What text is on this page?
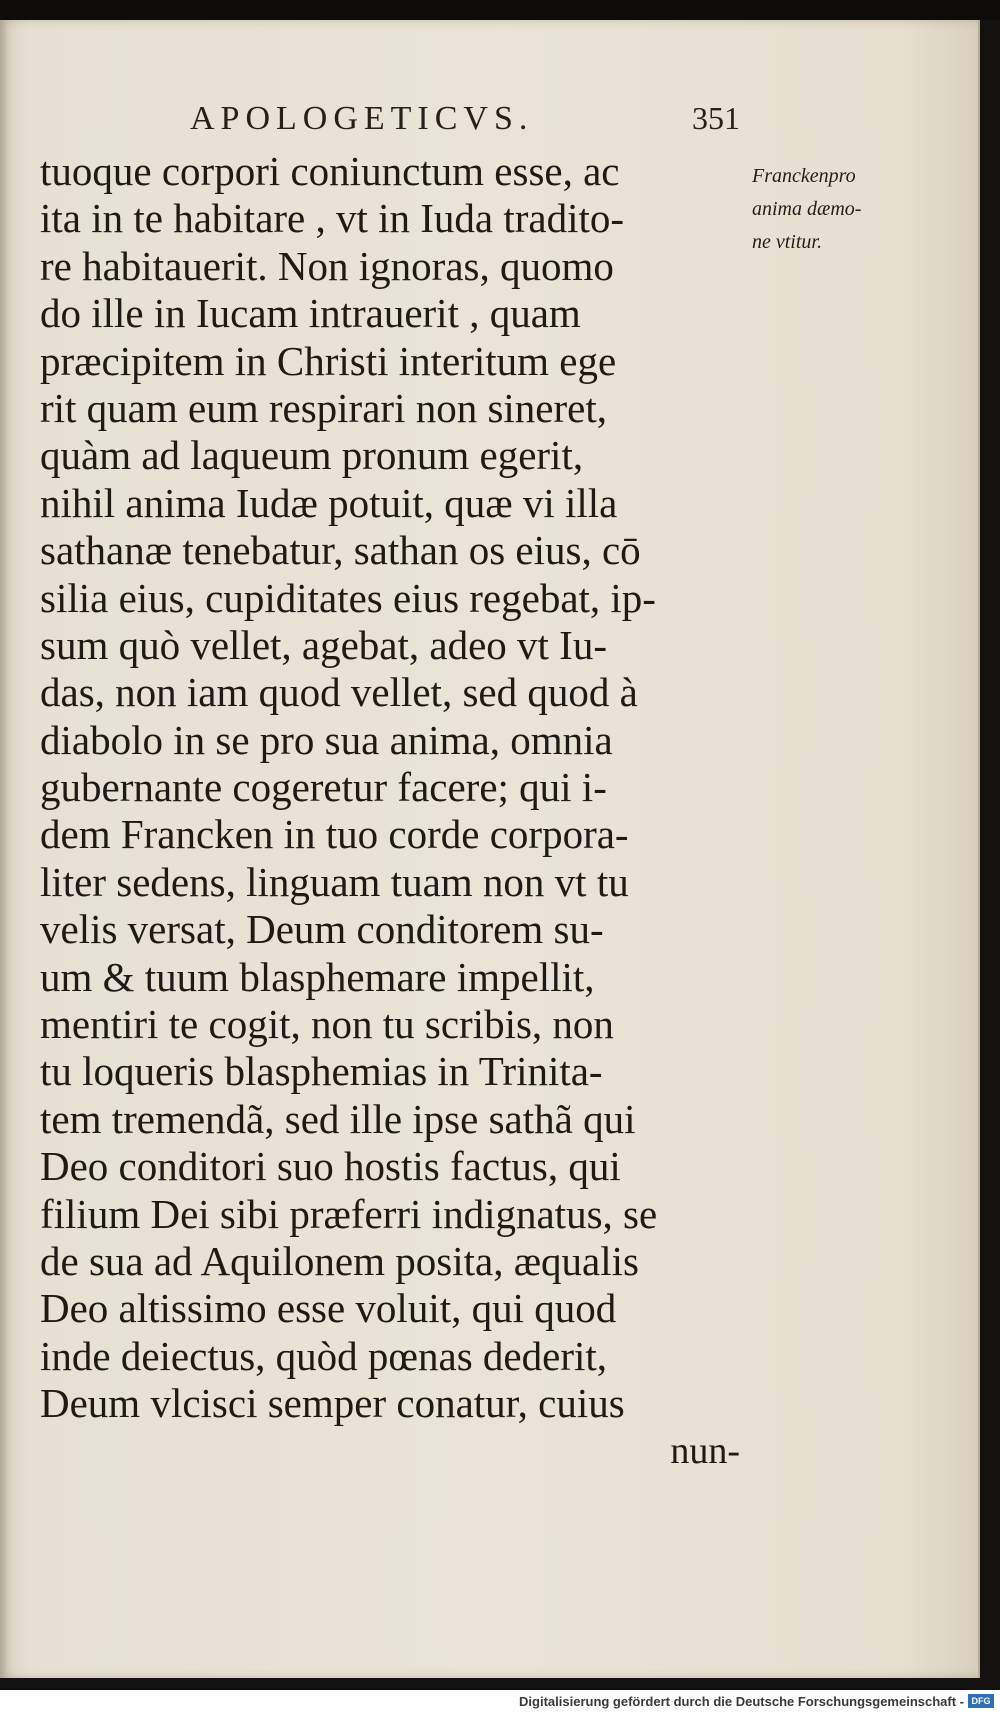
APOLOGETICVS.	351
tuoque corpori coniunctum esse, ac
ita in te habitare , vt in Iuda tradito-
re habitauerit. Non ignoras, quomo
do ille in Iucam intrauerit , quam
præcipitem in Christi interitum ege
rit quam eum respirari non sineret,
quàm ad laqueum pronum egerit,
nihil anima Iudæ potuit, quæ vi illa
sathanæ tenebatur, sathan os eius, cō
silia eius, cupiditates eius regebat, ip-
sum quò vellet, agebat, adeo vt Iu-
das, non iam quod vellet, sed quod à
diabolo in se pro sua anima, omnia
gubernante cogeretur facere; qui i-
dem Francken in tuo corde corpora-
liter sedens, linguam tuam non vt tu
velis versat, Deum conditorem su-
um & tuum blasphemare impellit,
mentiri te cogit, non tu scribis, non
tu loqueris blasphemias in Trinita-
tem tremendã, sed ille ipse sathã qui
Deo conditori suo hostis factus, qui
filium Dei sibi præferri indignatus, se
de sua ad Aquilonem posita, æqualis
Deo altissimo esse voluit, qui quod
inde deiectus, quòd pœnas dederit,
Deum vlcisci semper conatur, cuius
nun-
Franckenpro
anima dæmo-
ne vtitur.
Digitalisierung gefördert durch die Deutsche Forschungsgemeinschaft - DFG
